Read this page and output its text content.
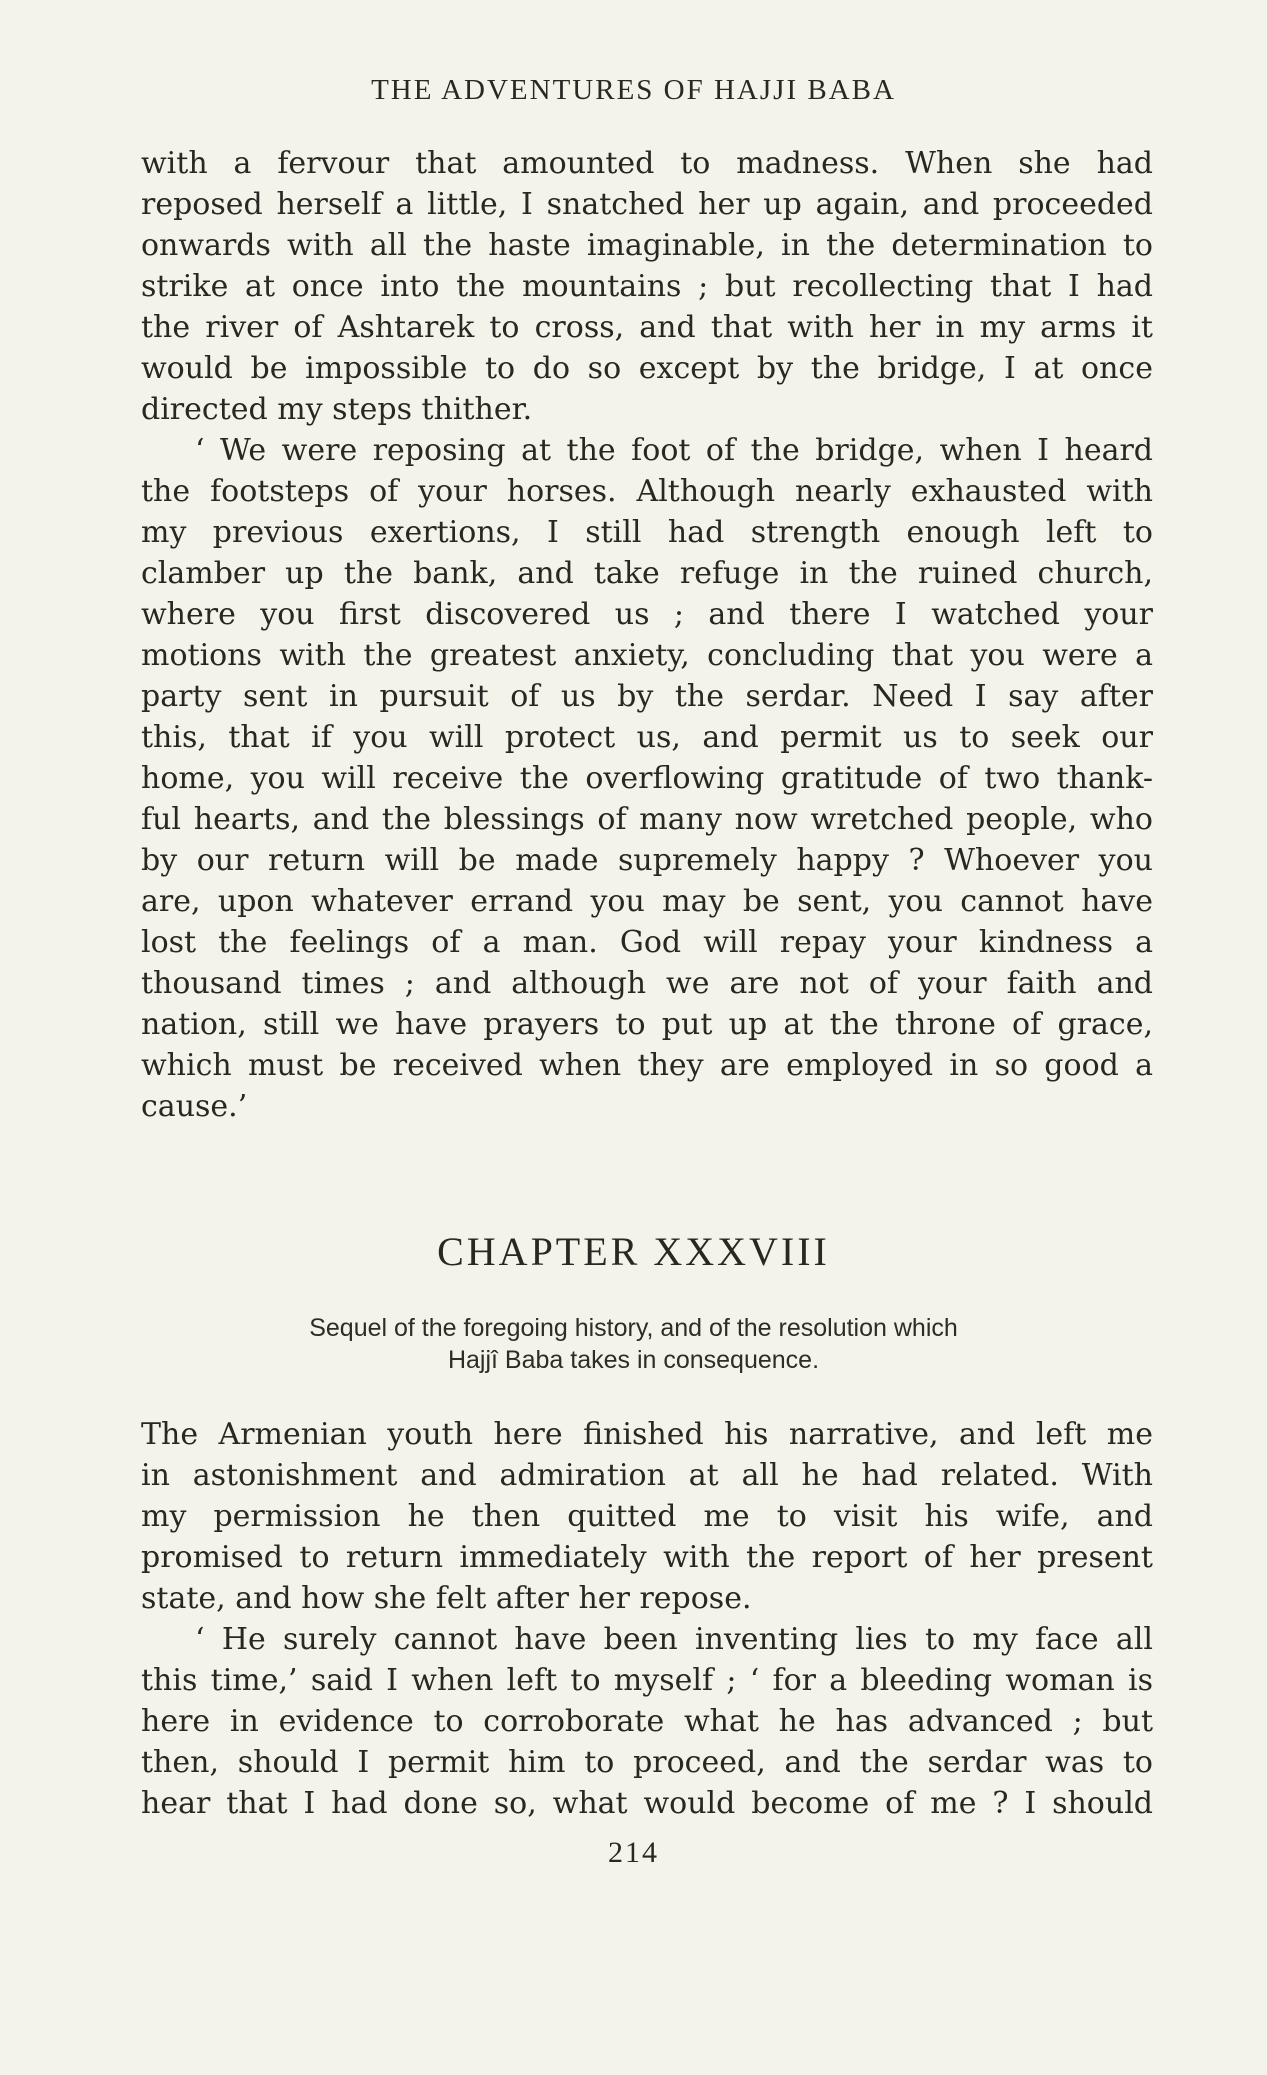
THE ADVENTURES OF HAJJI BABA
with a fervour that amounted to madness. When she had
reposed herself a little, I snatched her up again, and proceeded
onwards with all the haste imaginable, in the determination to
strike at once into the mountains ; but recollecting that I had
the river of Ashtarek to cross, and that with her in my arms it
would be impossible to do so except by the bridge, I at once
directed my steps thither.
‘ We were reposing at the foot of the bridge, when I heard
the footsteps of your horses. Although nearly exhausted with
my previous exertions, I still had strength enough left to
clamber up the bank, and take refuge in the ruined church,
where you first discovered us ; and there I watched your
motions with the greatest anxiety, concluding that you were a
party sent in pursuit of us by the serdar. Need I say after
this, that if you will protect us, and permit us to seek our
home, you will receive the overflowing gratitude of two thank-
ful hearts, and the blessings of many now wretched people, who
by our return will be made supremely happy ? Whoever you
are, upon whatever errand you may be sent, you cannot have
lost the feelings of a man. God will repay your kindness a
thousand times ; and although we are not of your faith and
nation, still we have prayers to put up at the throne of grace,
which must be received when they are employed in so good a
cause.’
CHAPTER XXXVIII
Sequel of the foregoing history, and of the resolution which
Hajjî Baba takes in consequence.
The Armenian youth here finished his narrative, and left me
in astonishment and admiration at all he had related. With
my permission he then quitted me to visit his wife, and
promised to return immediately with the report of her present
state, and how she felt after her repose.
‘ He surely cannot have been inventing lies to my face all
this time,’ said I when left to myself ; ‘ for a bleeding woman is
here in evidence to corroborate what he has advanced ; but
then, should I permit him to proceed, and the serdar was to
hear that I had done so, what would become of me ? I should
214
